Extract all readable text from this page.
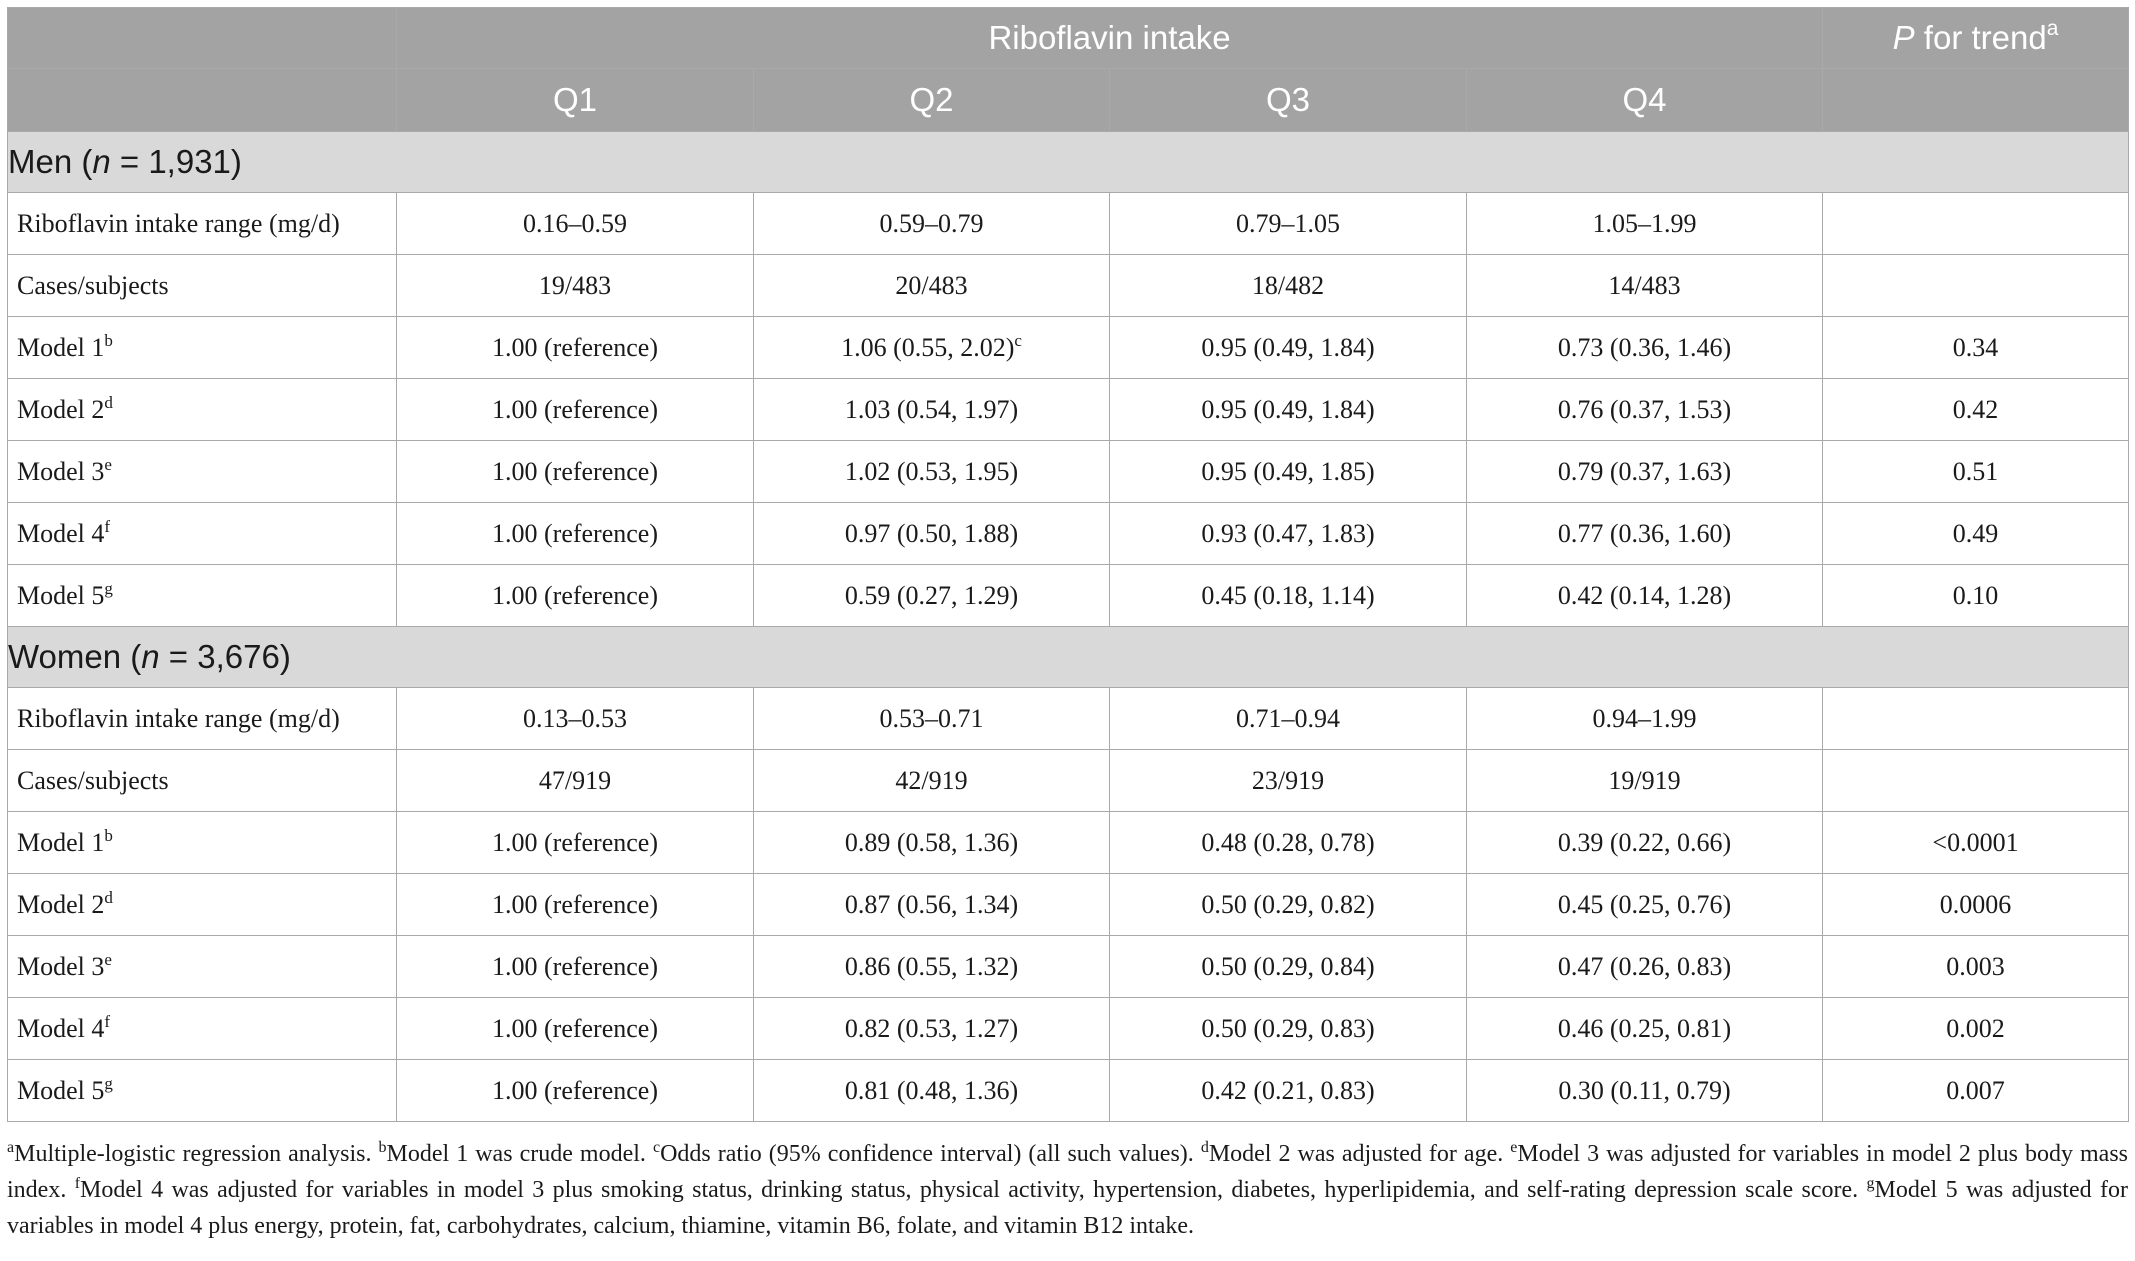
	Riboflavin intake				P for trend$^a$
	Q1	Q2	Q3	Q4	
Men (n = 1,931)					
Riboflavin intake range (mg/d)	0.16–0.59	0.59–0.79	0.79–1.05	1.05–1.99	
Cases/subjects	19/483	20/483	18/482	14/483	
Model 1$^b$	1.00 (reference)	1.06 (0.55, 2.02)$^c$	0.95 (0.49, 1.84)	0.73 (0.36, 1.46)	0.34
Model 2$^d$	1.00 (reference)	1.03 (0.54, 1.97)	0.95 (0.49, 1.84)	0.76 (0.37, 1.53)	0.42
Model 3e	1.00 (reference)	1.02 (0.53, 1.95)	0.95 (0.49, 1.85)	0.79 (0.37, 1.63)	0.51
Model 4$^f$	1.00 (reference)	0.97 (0.50, 1.88)	0.93 (0.47, 1.83)	0.77 (0.36, 1.60)	0.49
Model 5$^g$	1.00 (reference)	0.59 (0.27, 1.29)	0.45 (0.18, 1.14)	0.42 (0.14, 1.28)	0.10
Women (n = 3,676)					
Riboflavin intake range (mg/d)	0.13–0.53	0.53–0.71	0.71–0.94	0.94–1.99	
Cases/subjects	47/919	42/919	23/919	19/919	
Model 1$^b$	1.00 (reference)	0.89 (0.58, 1.36)	0.48 (0.28, 0.78)	0.39 (0.22, 0.66)	<0.0001
Model 2$^d$	1.00 (reference)	0.87 (0.56, 1.34)	0.50 (0.29, 0.82)	0.45 (0.25, 0.76)	0.0006
Model 3e	1.00 (reference)	0.86 (0.55, 1.32)	0.50 (0.29, 0.84)	0.47 (0.26, 0.83)	0.003
Model 4$^f$	1.00 (reference)	0.82 (0.53, 1.27)	0.50 (0.29, 0.83)	0.46 (0.25, 0.81)	0.002
Model 5$^g$	1.00 (reference)	0.81 (0.48, 1.36)	0.42 (0.21, 0.83)	0.30 (0.11, 0.79)	0.007
$^a$Multiple-logistic regression analysis. $^b$Model 1 was crude model. $^c$Odds ratio (95% confidence interval) (all such values). $^d$Model 2 was adjusted for age. $^e$Model 3 was adjusted for variables in model 2 plus body mass index. $^f$Model 4 was adjusted for variables in model 3 plus smoking status, drinking status, physical activity, hypertension, diabetes, hyperlipidemia, and self-rating depression scale score. $^g$Model 5 was adjusted for variables in model 4 plus energy, protein, fat, carbohydrates, calcium, thiamine, vitamin B6, folate, and vitamin B12 intake.
